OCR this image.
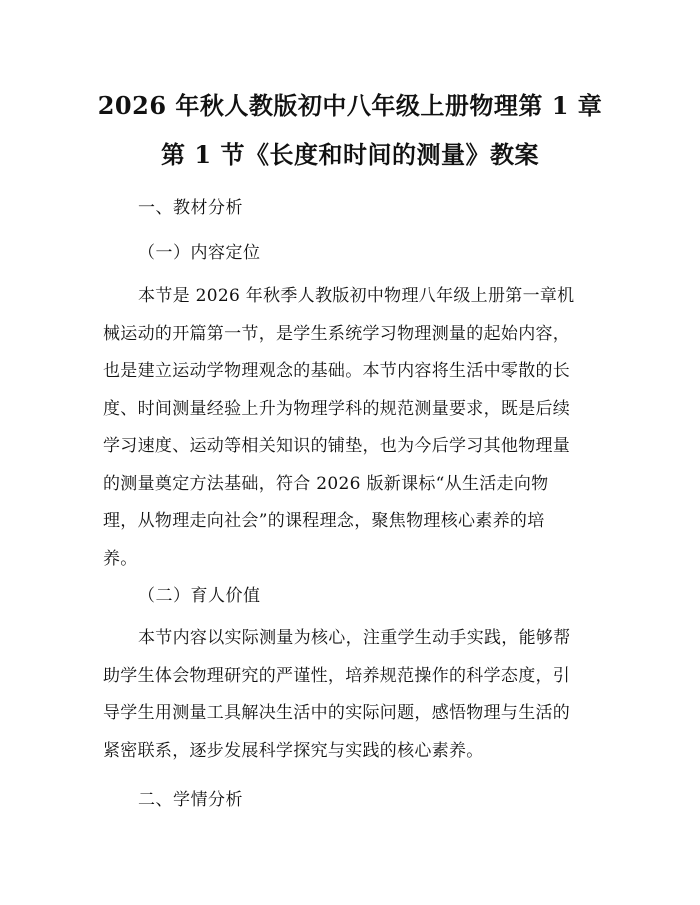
2026 年秋人教版初中八年级上册物理第 1 章
第 1 节《长度和时间的测量》教案
一、教材分析
（一）内容定位
本节是 2026 年秋季人教版初中物理八年级上册第一章机
械运动的开篇第一节，是学生系统学习物理测量的起始内容，
也是建立运动学物理观念的基础。本节内容将生活中零散的长
度、时间测量经验上升为物理学科的规范测量要求，既是后续
学习速度、运动等相关知识的铺垫，也为今后学习其他物理量
的测量奠定方法基础，符合 2026 版新课标“从生活走向物
理，从物理走向社会”的课程理念，聚焦物理核心素养的培
养。
（二）育人价值
本节内容以实际测量为核心，注重学生动手实践，能够帮
助学生体会物理研究的严谨性，培养规范操作的科学态度，引
导学生用测量工具解决生活中的实际问题，感悟物理与生活的
紧密联系，逐步发展科学探究与实践的核心素养。
二、学情分析
